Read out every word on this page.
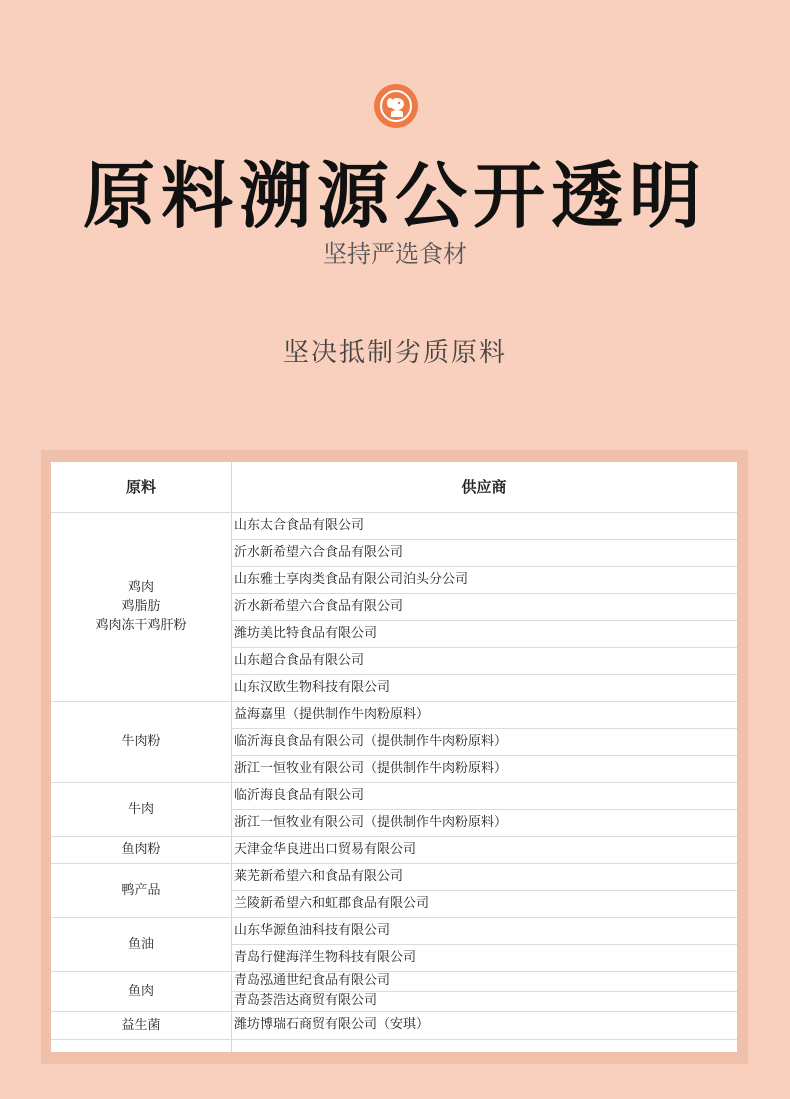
原料溯源公开透明
坚持严选食材
坚决抵制劣质原料
原料	供应商
山东太合食品有限公司
沂水新希望六合食品有限公司
山东雅士享肉类食品有限公司泊头分公司
沂水新希望六合食品有限公司
潍坊美比特食品有限公司
山东超合食品有限公司
山东汉欧生物科技有限公司
鸡肉
鸡脂肪
鸡肉冻干鸡肝粉
益海嘉里（提供制作牛肉粉原料）
临沂海良食品有限公司（提供制作牛肉粉原料）
浙江一恒牧业有限公司（提供制作牛肉粉原料）
牛肉粉
临沂海良食品有限公司
浙江一恒牧业有限公司（提供制作牛肉粉原料）
牛肉
天津金华良进出口贸易有限公司
鱼肉粉
莱芜新希望六和食品有限公司
兰陵新希望六和虹郡食品有限公司
鸭产品
山东华源鱼油科技有限公司
青岛行健海洋生物科技有限公司
鱼油
青岛泓通世纪食品有限公司
青岛荟浩达商贸有限公司
鱼肉
潍坊博瑞石商贸有限公司（安琪）
益生菌
